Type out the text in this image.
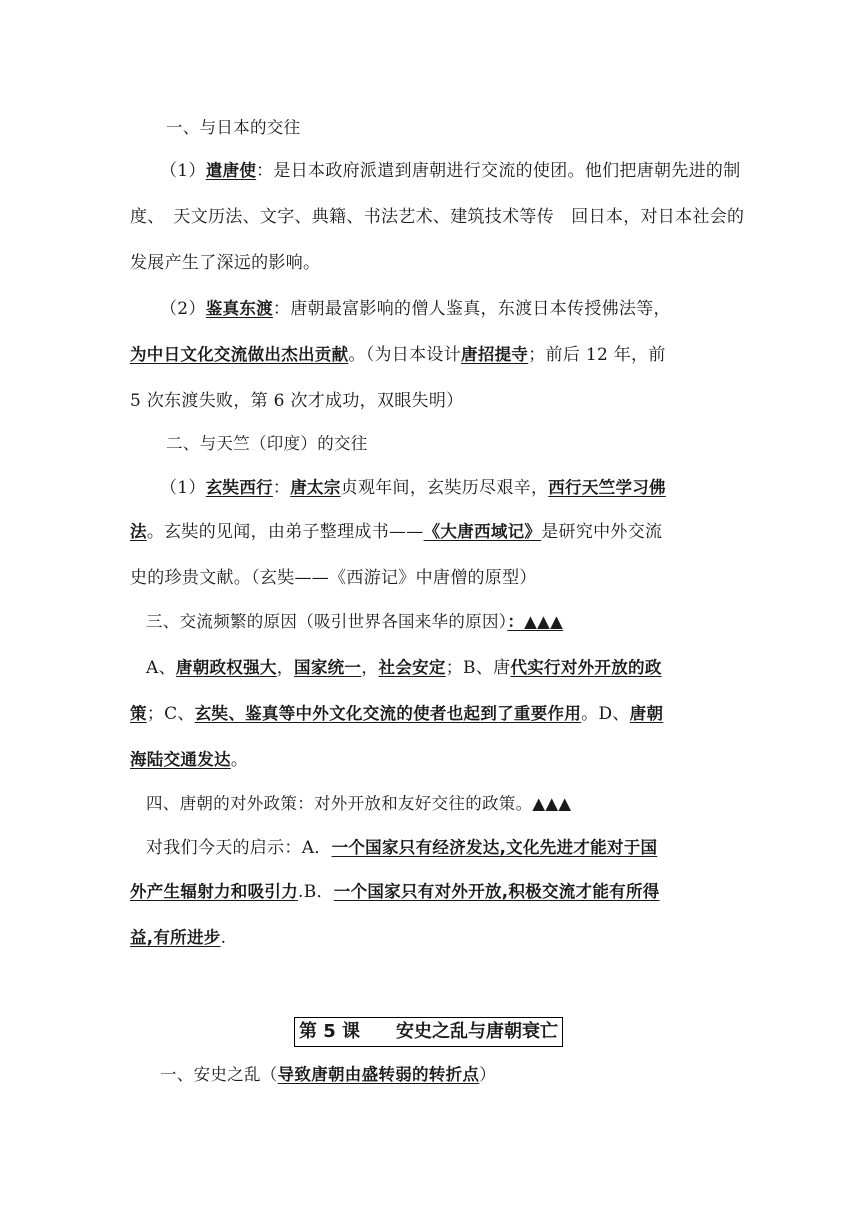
一、与日本的交往
（1）遣唐使：是日本政府派遣到唐朝进行交流的使团。他们把唐朝先进的制
度、　天文历法、文字、典籍、书法艺术、建筑技术等传　回日本，对日本社会的
发展产生了深远的影响。
（2）鉴真东渡：唐朝最富影响的僧人鉴真，东渡日本传授佛法等，
为中日文化交流做出杰出贡献。（为日本设计唐招提寺；前后 12 年，前
5 次东渡失败，第 6 次才成功，双眼失明）
二、与天竺（印度）的交往
（1）玄奘西行：唐太宗贞观年间，玄奘历尽艰辛，西行天竺学习佛
法。玄奘的见闻，由弟子整理成书——《大唐西域记》是研究中外交流
史的珍贵文献。（玄奘——《西游记》中唐僧的原型）
三、交流频繁的原因（吸引世界各国来华的原因）：▲▲▲
A、唐朝政权强大，国家统一，社会安定；B、唐代实行对外开放的政
策；C、玄奘、鉴真等中外文化交流的使者也起到了重要作用。D、唐朝
海陆交通发达。
四、唐朝的对外政策：对外开放和友好交往的政策。▲▲▲
对我们今天的启示：A．一个国家只有经济发达,文化先进才能对于国
外产生辐射力和吸引力.B．一个国家只有对外开放,积极交流才能有所得
益,有所进步.
第 5 课　　安史之乱与唐朝衰亡
一、安史之乱（导致唐朝由盛转弱的转折点）
